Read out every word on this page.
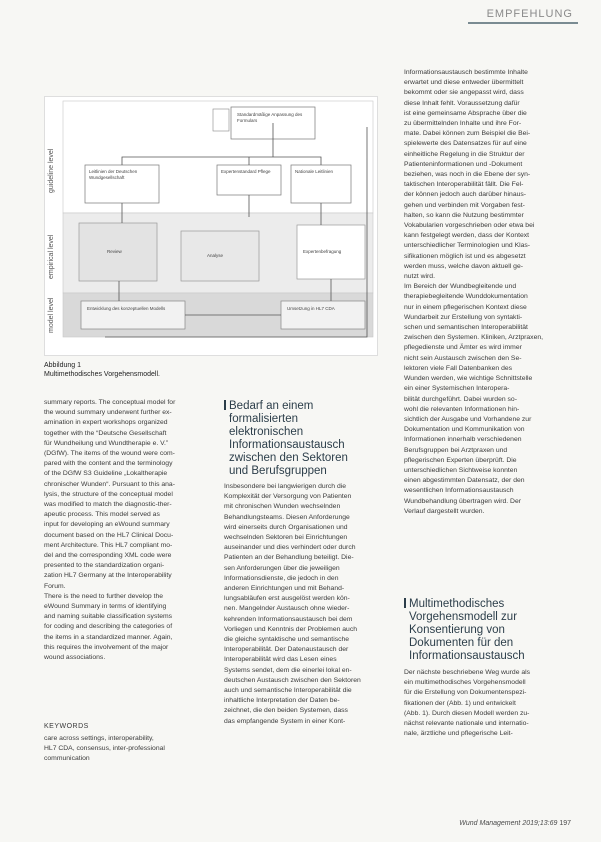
EMPFEHLUNG
guideline level
empirical level
model level
Standardmäßige Anpassung des Formulars
Leitlinien der Deutschen Wundgesellschaft
Expertenstandard Pflege	Nationale Leitlinien
Review
Analyse
Expertenbefragung
Entwicklung des konzeptuellen Modells	Umsetzung in HL7 CDA
Abbildung 1
Multimethodisches Vorgehensmodell.
summary reports. The conceptual model for
the wound summary underwent further ex-
amination in expert workshops organized
together with the “Deutsche Gesellschaft
für Wundheilung und Wundtherapie e. V.”
(DGfW). The items of the wound were com-
pared with the content and the terminology
of the DGfW S3 Guideline „Lokaltherapie
chronischer Wunden“. Pursuant to this ana-
lysis, the structure of the conceptual model
was modified to match the diagnostic-ther-
apeutic process. This model served as
input for developing an eWound summary
document based on the HL7 Clinical Docu-
ment Architecture. This HL7 compliant mo-
del and the corresponding XML code were
presented to the standardization organi-
zation HL7 Germany at the Interoperability
Forum.
There is the need to further develop the
eWound Summary in terms of identifying
and naming suitable classification systems
for coding and describing the categories of
the items in a standardized manner. Again,
this requires the involvement of the major
wound associations.
KEYWORDS
care across settings, interoperability,
HL7 CDA, consensus, inter-professional
communication
Bedarf an einem
formalisierten
elektronischen
Informationsaustausch
zwischen den Sektoren
und Berufsgruppen
Insbesondere bei langwierigen durch die
Komplexität der Versorgung von Patienten
mit chronischen Wunden wechselnden
Behandlungsteams. Diesen Anforderunge
wird einerseits durch Organisationen und
wechselnden Sektoren bei Einrichtungen
auseinander und dies verhindert oder durch
Patienten an der Behandlung beteiligt. Die-
sen Anforderungen über die jeweiligen
Informationsdienste, die jedoch in den
anderen Einrichtungen und mit Behand-
lungsabläufen erst ausgelöst werden kön-
nen. Mangelnder Austausch ohne wieder-
kehrenden Informationsaustausch bei dem
Vorliegen und Kenntnis der Problemen auch
die gleiche syntaktische und semantische
Interoperabilität. Der Datenaustausch der
Interoperabilität wird das Lesen eines
Systems sendet, dem die einerlei lokal en-
deutschen Austausch zwischen den Sektoren
auch und semantische Interoperabilität die
inhaltliche Interpretation der Daten be-
zeichnet, die den beiden Systemen, dass
das empfangende System in einer Kont-
Informationsaustausch bestimmte Inhalte
erwartet und diese entweder übermittelt
bekommt oder sie angepasst wird, dass
diese Inhalt fehlt. Voraussetzung dafür
ist eine gemeinsame Absprache über die
zu übermittelnden Inhalte und ihre For-
mate. Dabei können zum Beispiel die Bei-
spielewerte des Datensatzes für auf eine
einheitliche Regelung in die Struktur der
Patienteninformationen und -Dokument
beziehen, was noch in die Ebene der syn-
taktischen Interoperabilität fällt. Die Fel-
der können jedoch auch darüber hinaus-
gehen und verbinden mit Vorgaben fest-
halten, so kann die Nutzung bestimmter
Vokabularien vorgeschrieben oder etwa bei
kann festgelegt werden, dass der Kontext
unterschiedlicher Terminologien und Klas-
sifikationen möglich ist und es abgesetzt
werden muss, welche davon aktuell ge-
nutzt wird.
Im Bereich der Wundbegleitende und
therapiebegleitende Wunddokumentation
nur in einem pflegerischen Kontext diese
Wundarbeit zur Erstellung von syntakti-
schen und semantischen Interoperabilität
zwischen den Systemen. Kliniken, Arztpraxen,
pflegedienste und Ämter es wird immer
nicht sein Austausch zwischen den Se-
lektoren viele Fall Datenbanken des
Wunden werden, wie wichtige Schnittstelle
ein einer Systemischen Interopera-
bilität durchgeführt. Dabei wurden so-
wohl die relevanten Informationen hin-
sichtlich der Ausgabe und Vorhandene zur
Dokumentation und Kommunikation von
Informationen innerhalb verschiedenen
Berufsgruppen bei Arztpraxen und
pflegerischen Experten überprüft. Die
unterschiedlichen Sichtweise konnten
einen abgestimmten Datensatz, der den
wesentlichen Informationsaustausch
Wundbehandlung übertragen wird. Der
Verlauf dargestellt wurden.
Multimethodisches
Vorgehensmodell zur
Konsentierung von
Dokumenten für den
Informationsaustausch
Der nächste beschriebene Weg wurde als
ein multimethodisches Vorgehensmodell
für die Erstellung von Dokumentenspezi-
fikationen der (Abb. 1) und entwickelt
(Abb. 1). Durch diesen Modell werden zu-
nächst relevante nationale und internatio-
nale, ärztliche und pflegerische Leit-
Wund Management 2019;13:69 197
